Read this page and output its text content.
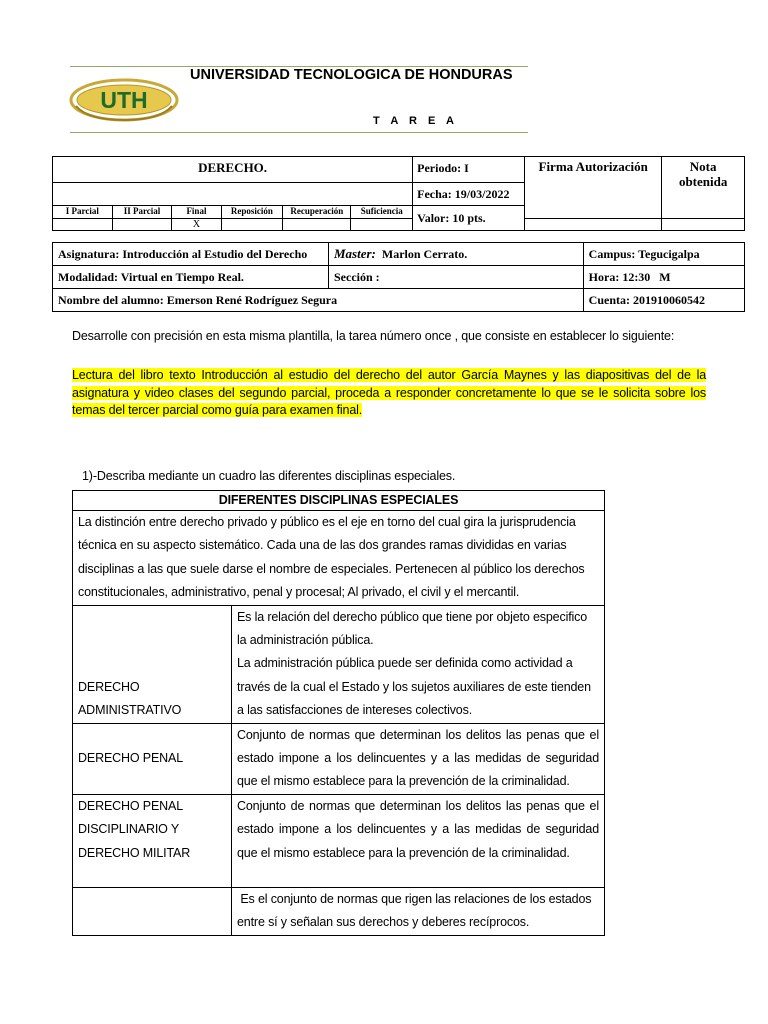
UTH
UNIVERSIDAD TECNOLOGICA DE HONDURAS
T A R E A
DERECHO.						Periodo: I	Firma Autorización	Nota obtenida
						Fecha: 19/03/2022		
I Parcial	II Parcial	Final	Reposición	Recuperación	Suficiencia	Valor: 10 pts.		
		X						
Asignatura: Introducción al Estudio del Derecho	Master: Marlon Cerrato.	Campus: Tegucigalpa
Modalidad: Virtual en Tiempo Real.	Sección :	Hora: 12:30   M
Nombre del alumno: Emerson René Rodríguez Segura		Cuenta: 201910060542
Desarrolle con precisión en esta misma plantilla, la tarea número once , que consiste en establecer lo siguiente:
Lectura del libro texto Introducción al estudio del derecho del autor García Maynes y las diapositivas del de la asignatura y video clases del segundo parcial, proceda a responder concretamente lo que se le solicita sobre los temas del tercer parcial como guía para examen final.
1)-Describa mediante un cuadro las diferentes disciplinas especiales.
DIFERENTES DISCIPLINAS ESPECIALES	
La distinción entre derecho privado y público es el eje en torno del cual gira la jurisprudencia técnica en su aspecto sistemático. Cada una de las dos grandes ramas divididas en varias disciplinas a las que suele darse el nombre de especiales. Pertenecen al público los derechos constitucionales, administrativo, penal y procesal; Al privado, el civil y el mercantil.	
DERECHO ADMINISTRATIVO	Es la relación del derecho público que tiene por objeto especifico la administración pública.
La administración pública puede ser definida como actividad a través de la cual el Estado y los sujetos auxiliares de este tienden a las satisfacciones de intereses colectivos.

DERECHO PENAL	Conjunto de normas que determinan los delitos las penas que el estado impone a los delincuentes y a las medidas de seguridad que el mismo establece para la prevención de la criminalidad.
DERECHO PENAL DISCIPLINARIO Y DERECHO MILITAR	Conjunto de normas que determinan los delitos las penas que el estado impone a los delincuentes y a las medidas de seguridad que el mismo establece para la prevención de la criminalidad.
	Es el conjunto de normas que rigen las relaciones de los estados entre sí y señalan sus derechos y deberes recíprocos.
